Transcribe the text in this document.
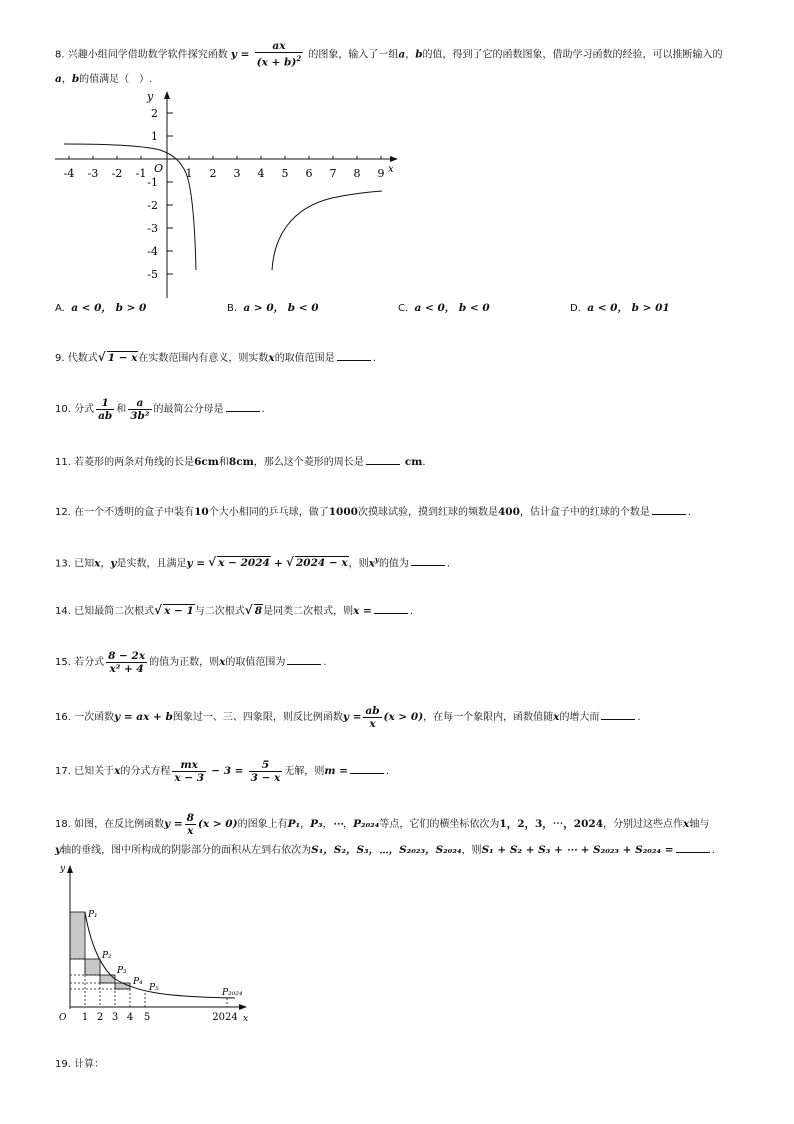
8. 兴趣小组同学借助数学软件探究函数 $y = \frac{ax}{(x + b)^2}$ 的图象，输入了一组a，b的值，得到了它的函数图象，借助学习函数的经验，可以推断输入的
a，b的值满足（　）.
x
y
O
-4 -3 -2 -1	1 2 3 4 5 6 7 8 9
2
1
-1
-2
-3
-4
-5
A. a < 0， b > 0	B. a > 0， b < 0	C. a < 0， b < 0	D. a < 0， b > 01
9. 代数式 √ 1 − x在实数范围内有意义，则实数x的取值范围是	.
10. 分式 $\frac{1}{ab}$ 和 $\frac{a}{\text{3b²}}$ 的最简公分母是	.
11. 若菱形的两条对角线的长是6cm和8cm，那么这个菱形的周长是	cm.
12. 在一个不透明的盒子中装有10个大小相同的乒乓球，做了1000次摸球试验，摸到红球的频数是400，估计盒子中的红球的个数是	.
13. 已知x，y是实数，且满足y = √ x − 2024 + √ 2024 − x，则$x^y$的值为	.
14. 已知最简二次根式 √ x − 1与二次根式 √ 8是同类二次根式，则x =	.
15. 若分式 $\frac{8 - 2x}{\text{x² + 4}}$ 的值为正数，则x的取值范围为	.
16. 一次函数y = ax + b图象过一、三、四象限，则反比例函数$y = \frac{ab}{x} (x > 0)$，在每一个象限内，函数值随x的增大而	.
17. 已知关于x的分式方程 $\frac{mx}{x - 3} - 3 = \frac{5}{3 - x}$ 无解，则m =	.
18. 如图，在反比例函数$y = \frac{8}{x} (x > 0)$的图象上有P₁，P₃，⋯，P₂₀₂₄等点，它们的横坐标依次为1，2，3，⋯，2024，分别过这些点作x轴与
y轴的垂线，图中所构成的阴影部分的面积从左到右依次为S₁，S₂，S₃，⋯，S₂₀₂₃，S₂₀₂₄，则S₁ + S₂ + S₃ + ⋯ + S₂₀₂₃ + S₂₀₂₄ =	.
y
x
O
P₁
P₂
P₃
P₄
P₅	P₂₀₂₄
1 2 3 4 5	2024
19. 计算：
